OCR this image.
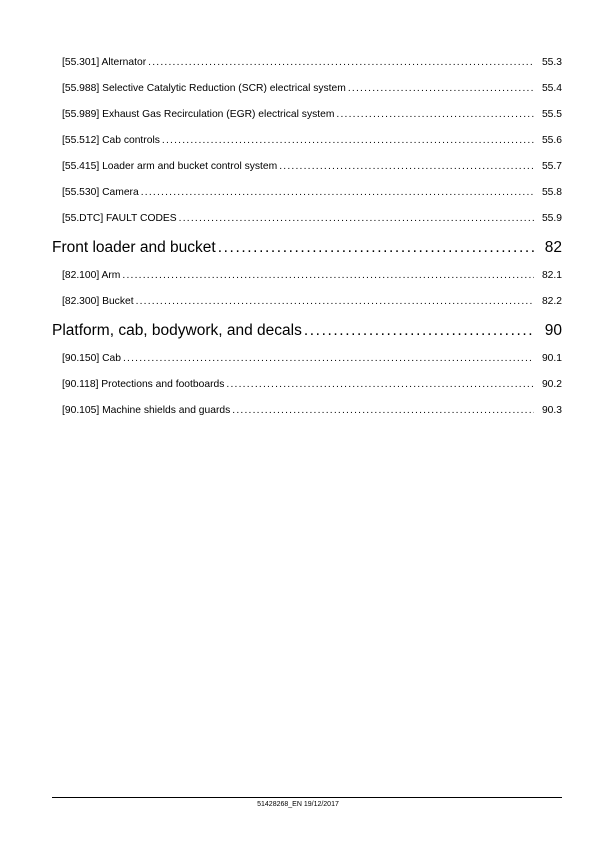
[55.301] Alternator .....	55.3
[55.988] Selective Catalytic Reduction (SCR) electrical system .....	55.4
[55.989] Exhaust Gas Recirculation (EGR) electrical system .....	55.5
[55.512] Cab controls .....	55.6
[55.415] Loader arm and bucket control system .....	55.7
[55.530] Camera .....	55.8
[55.DTC] FAULT CODES .....	55.9
Front loader and bucket .....	82
[82.100] Arm .....	82.1
[82.300] Bucket .....	82.2
Platform, cab, bodywork, and decals .....	90
[90.150] Cab .....	90.1
[90.118] Protections and footboards .....	90.2
[90.105] Machine shields and guards .....	90.3
51428268_EN 19/12/2017
